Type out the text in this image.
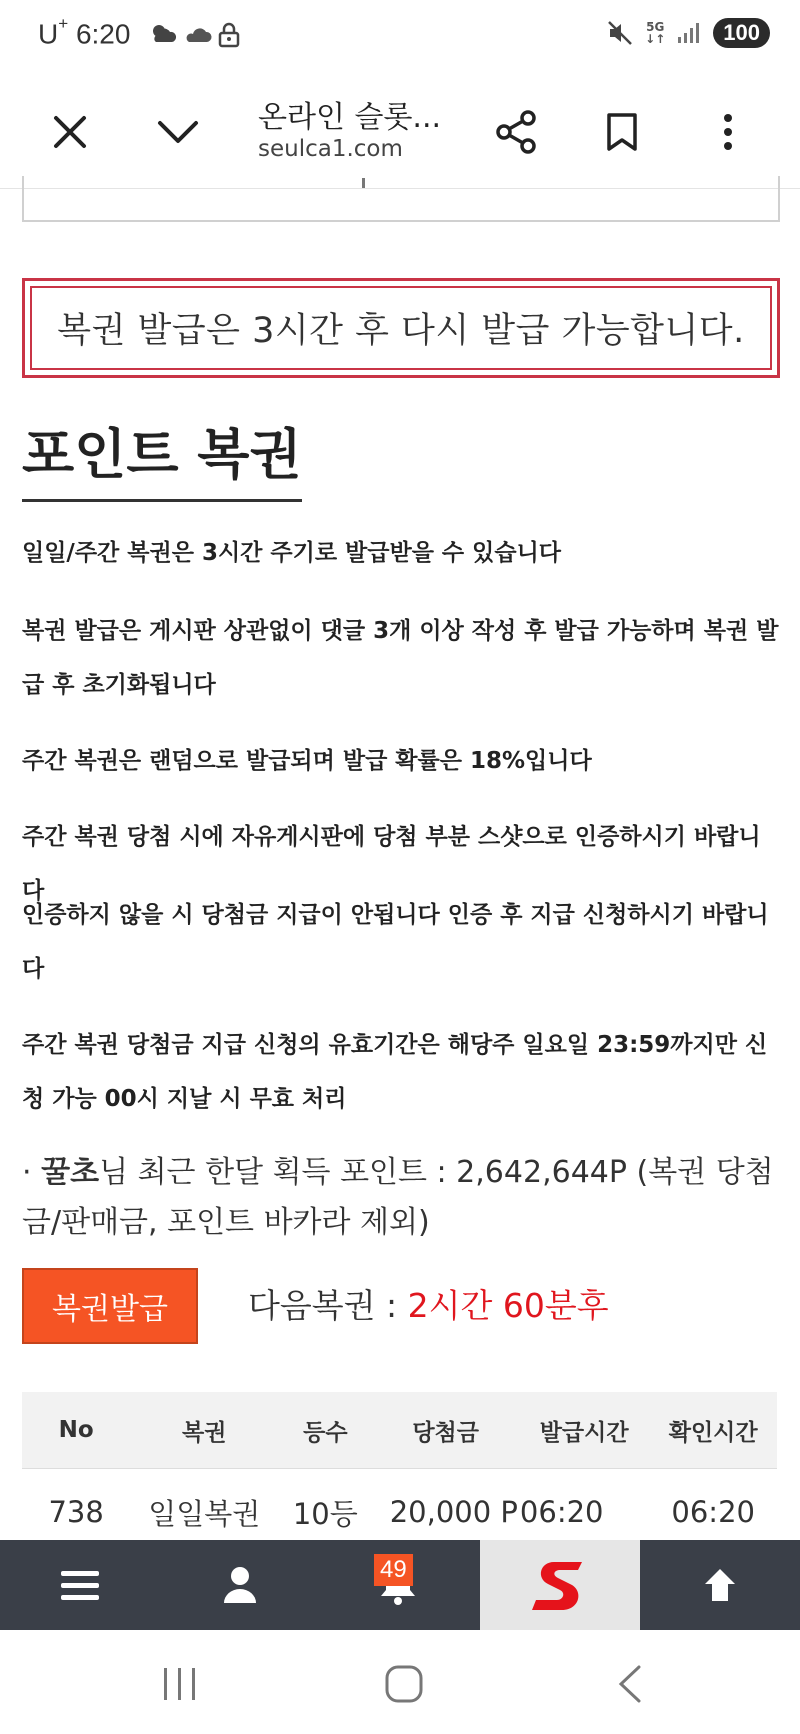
U+ 6:20	5G
↓↑	100
온라인 슬롯...
seulca1.com
복권 발급은 3시간 후 다시 발급 가능합니다.
포인트 복권
일일/주간 복권은 3시간 주기로 발급받을 수 있습니다
복권 발급은 게시판 상관없이 댓글 3개 이상 작성 후 발급 가능하며 복권 발급 후 초기화됩니다
주간 복권은 랜덤으로 발급되며 발급 확률은 18%입니다
주간 복권 당첨 시에 자유게시판에 당첨 부분 스샷으로 인증하시기 바랍니다
인증하지 않을 시 당첨금 지급이 안됩니다 인증 후 지급 신청하시기 바랍니다
주간 복권 당첨금 지급 신청의 유효기간은 해당주 일요일 23:59까지만 신청 가능 00시 지날 시 무효 처리
· 꿀초님 최근 한달 획득 포인트 : 2,642,644P (복권 당첨금/판매금, 포인트 바카라 제외)
복권발급	다음복권 : 2시간 60분후
No	복권	등수	당첨금	발급시간	확인시간
738	일일복권	10등	20,000 P	06:20	06:20
49
